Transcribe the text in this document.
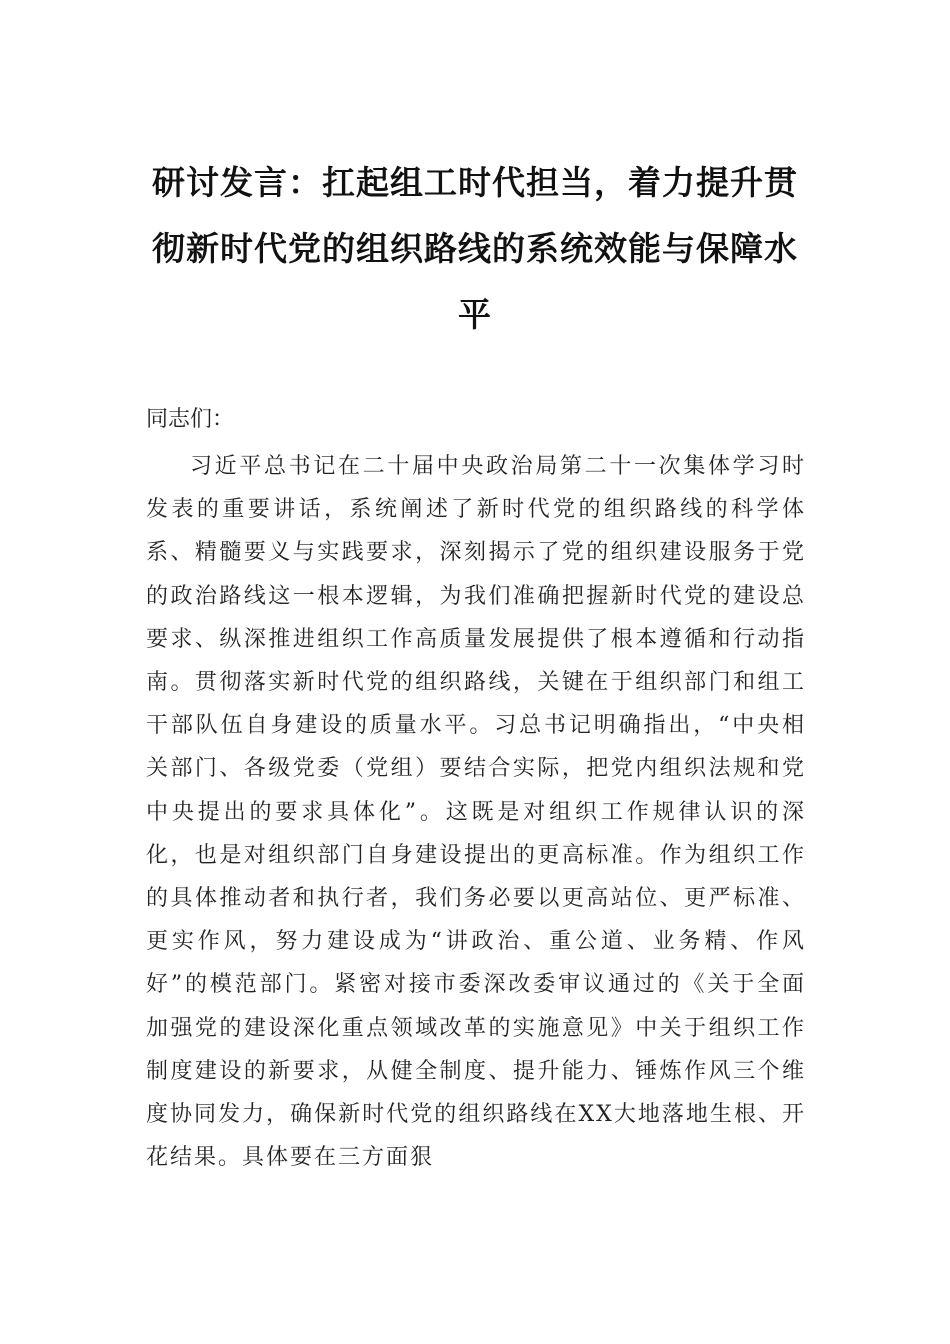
研讨发言：扛起组工时代担当，着力提升贯彻新时代党的组织路线的系统效能与保障水平

同志们：

习近平总书记在二十届中央政治局第二十一次集体学习时发表的重要讲话，系统阐述了新时代党的组织路线的科学体系、精髓要义与实践要求，深刻揭示了党的组织建设服务于党的政治路线这一根本逻辑，为我们准确把握新时代党的建设总要求、纵深推进组织工作高质量发展提供了根本遵循和行动指南。贯彻落实新时代党的组织路线，关键在于组织部门和组工干部队伍自身建设的质量水平。习总书记明确指出，“中央相关部门、各级党委（党组）要结合实际，把党内组织法规和党中央提出的要求具体化”。这既是对组织工作规律认识的深化，也是对组织部门自身建设提出的更高标准。作为组织工作的具体推动者和执行者，我们务必要以更高站位、更严标准、更实作风，努力建设成为“讲政治、重公道、业务精、作风好”的模范部门。紧密对接市委深改委审议通过的《关于全面加强党的建设深化重点领域改革的实施意见》中关于组织工作制度建设的新要求，从健全制度、提升能力、锤炼作风三个维度协同发力，确保新时代党的组织路线在XX大地落地生根、开花结果。具体要在三方面狠
